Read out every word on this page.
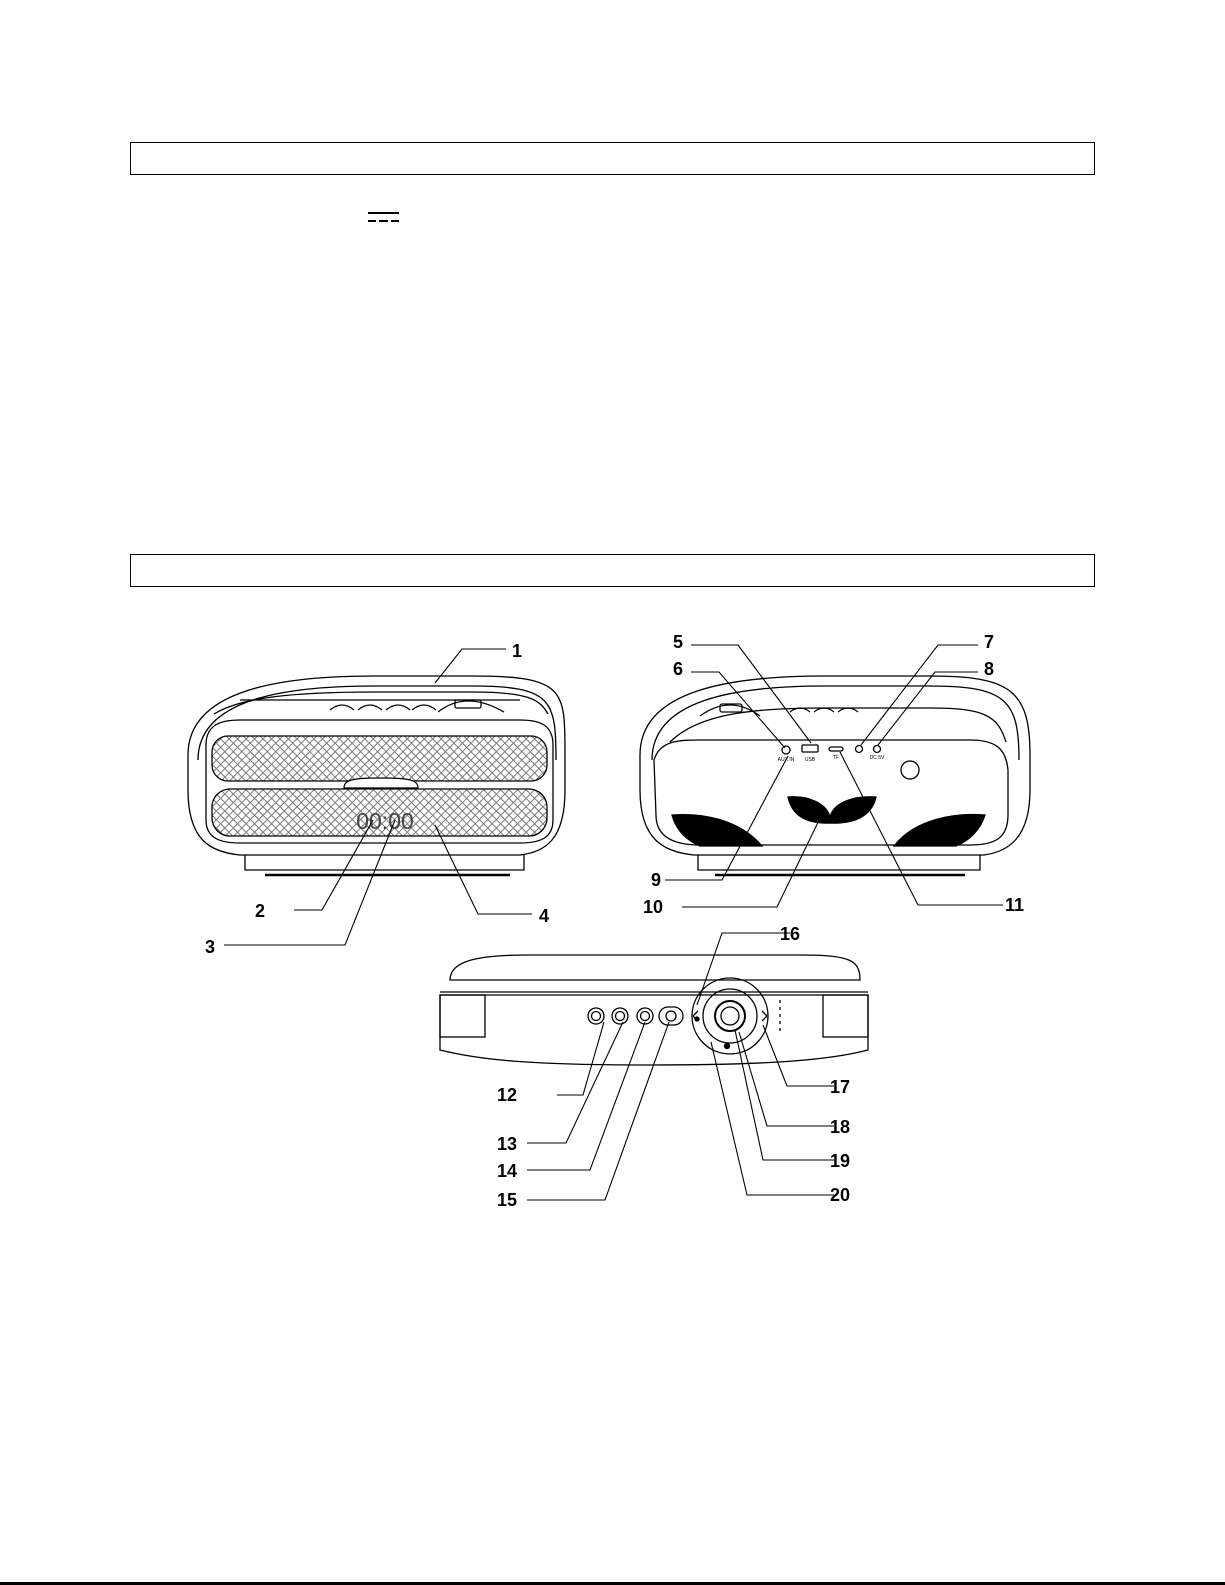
00:00
AUX IN USB	TF	DC 5V
1
2
3
4
5
6
7
8
9
10	11
12
13
14
15
16
17
18
19
20
